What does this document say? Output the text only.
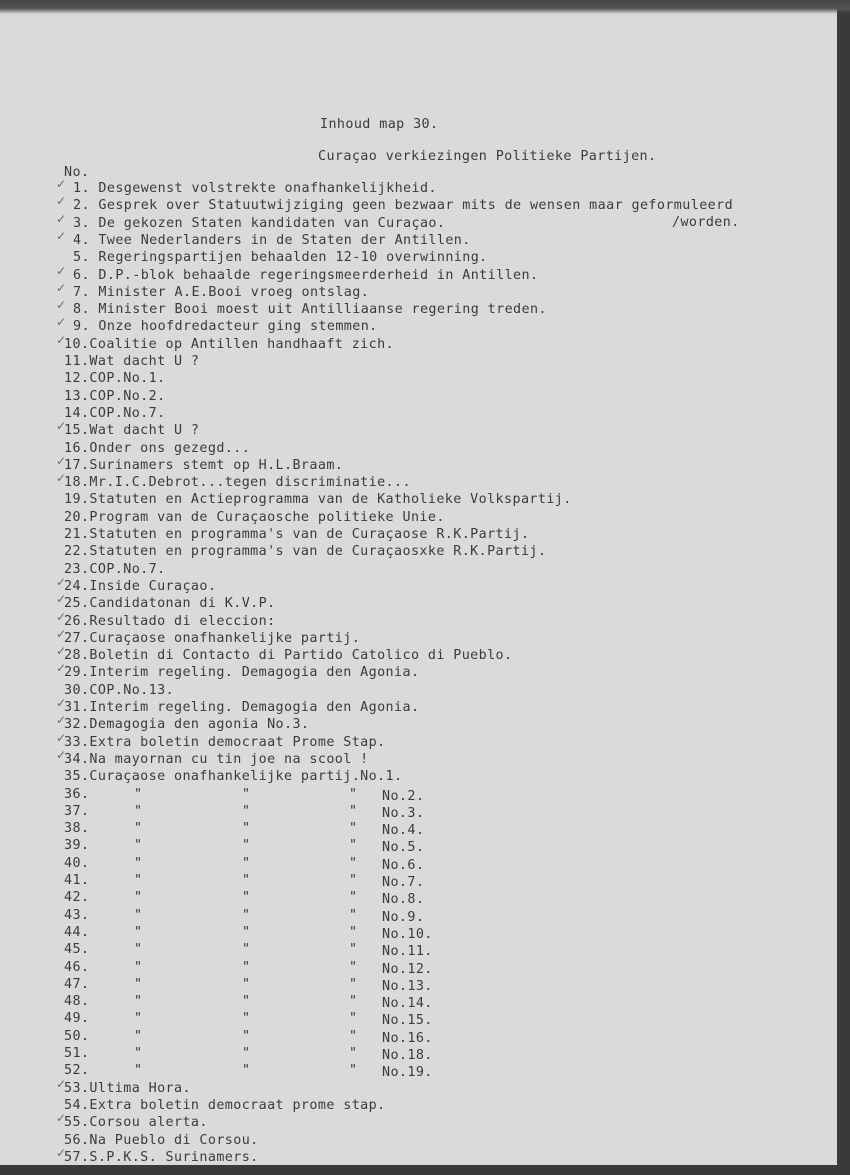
Inhoud map 30.
Curaçao verkiezingen Politieke Partijen.
No.
✓ 1. Desgewenst volstrekte onafhankelijkheid.
✓ 2. Gesprek over Statuutwijziging geen bezwaar mits de wensen maar geformuleerd
/worden.
✓ 3. De gekozen Staten kandidaten van Curaçao.
✓ 4. Twee Nederlanders in de Staten der Antillen.
5. Regeringspartijen behaalden 12-10 overwinning.
✓ 6. D.P.-blok behaalde regeringsmeerderheid in Antillen.
✓ 7. Minister A.E.Booi vroeg ontslag.
✓ 8. Minister Booi moest uit Antilliaanse regering treden.
✓ 9. Onze hoofdredacteur ging stemmen.
✓
10.Coalitie op Antillen handhaaft zich.
11.Wat dacht U ?
12.COP.No.1.
13.COP.No.2.
14.COP.No.7.
✓
15.Wat dacht U ?
16.Onder ons gezegd...
✓
17.Surinamers stemt op H.L.Braam.
✓
18.Mr.I.C.Debrot...tegen discriminatie...
19.Statuten en Actieprogramma van de Katholieke Volkspartij.
20.Program van de Curaçaosche politieke Unie.
21.Statuten en programma's van de Curaçaose R.K.Partij.
22.Statuten en programma's van de Curaçaosxke R.K.Partij.
23.COP.No.7.
✓
24.Inside Curaçao.
✓
25.Candidatonan di K.V.P.
✓
26.Resultado di eleccion:
✓
27.Curaçaose onafhankelijke partij.
✓
28.Boletin di Contacto di Partido Catolico di Pueblo.
✓
29.Interim regeling. Demagogia den Agonia.
30.COP.No.13.
✓
31.Interim regeling. Demagogia den Agonia.
✓
32.Demagogia den agonia No.3.
✓
33.Extra boletin democraat Prome Stap.
✓
34.Na mayornan cu tin joe na scool !
35.Curaçaose onafhankelijke partij.No.1.
36.	"	"	" No.2.
37.	"	"	" No.3.
38.	"	"	" No.4.
39.	"	"	" No.5.
40.	"	"	" No.6.
41.	"	"	" No.7.
42.	"	"	" No.8.
43.	"	"	" No.9.
44.	"	"	" No.10.
45.	"	"	" No.11.
46.	"	"	" No.12.
47.	"	"	" No.13.
48.	"	"	" No.14.
49.	"	"	" No.15.
50.	"	"	" No.16.
51.	"	"	" No.18.
52.	"	"	" No.19.
✓
53.Ultima Hora.
54.Extra boletin democraat prome stap.
✓
55.Corsou alerta.
56.Na Pueblo di Corsou.
✓
57.S.P.K.S. Surinamers.
